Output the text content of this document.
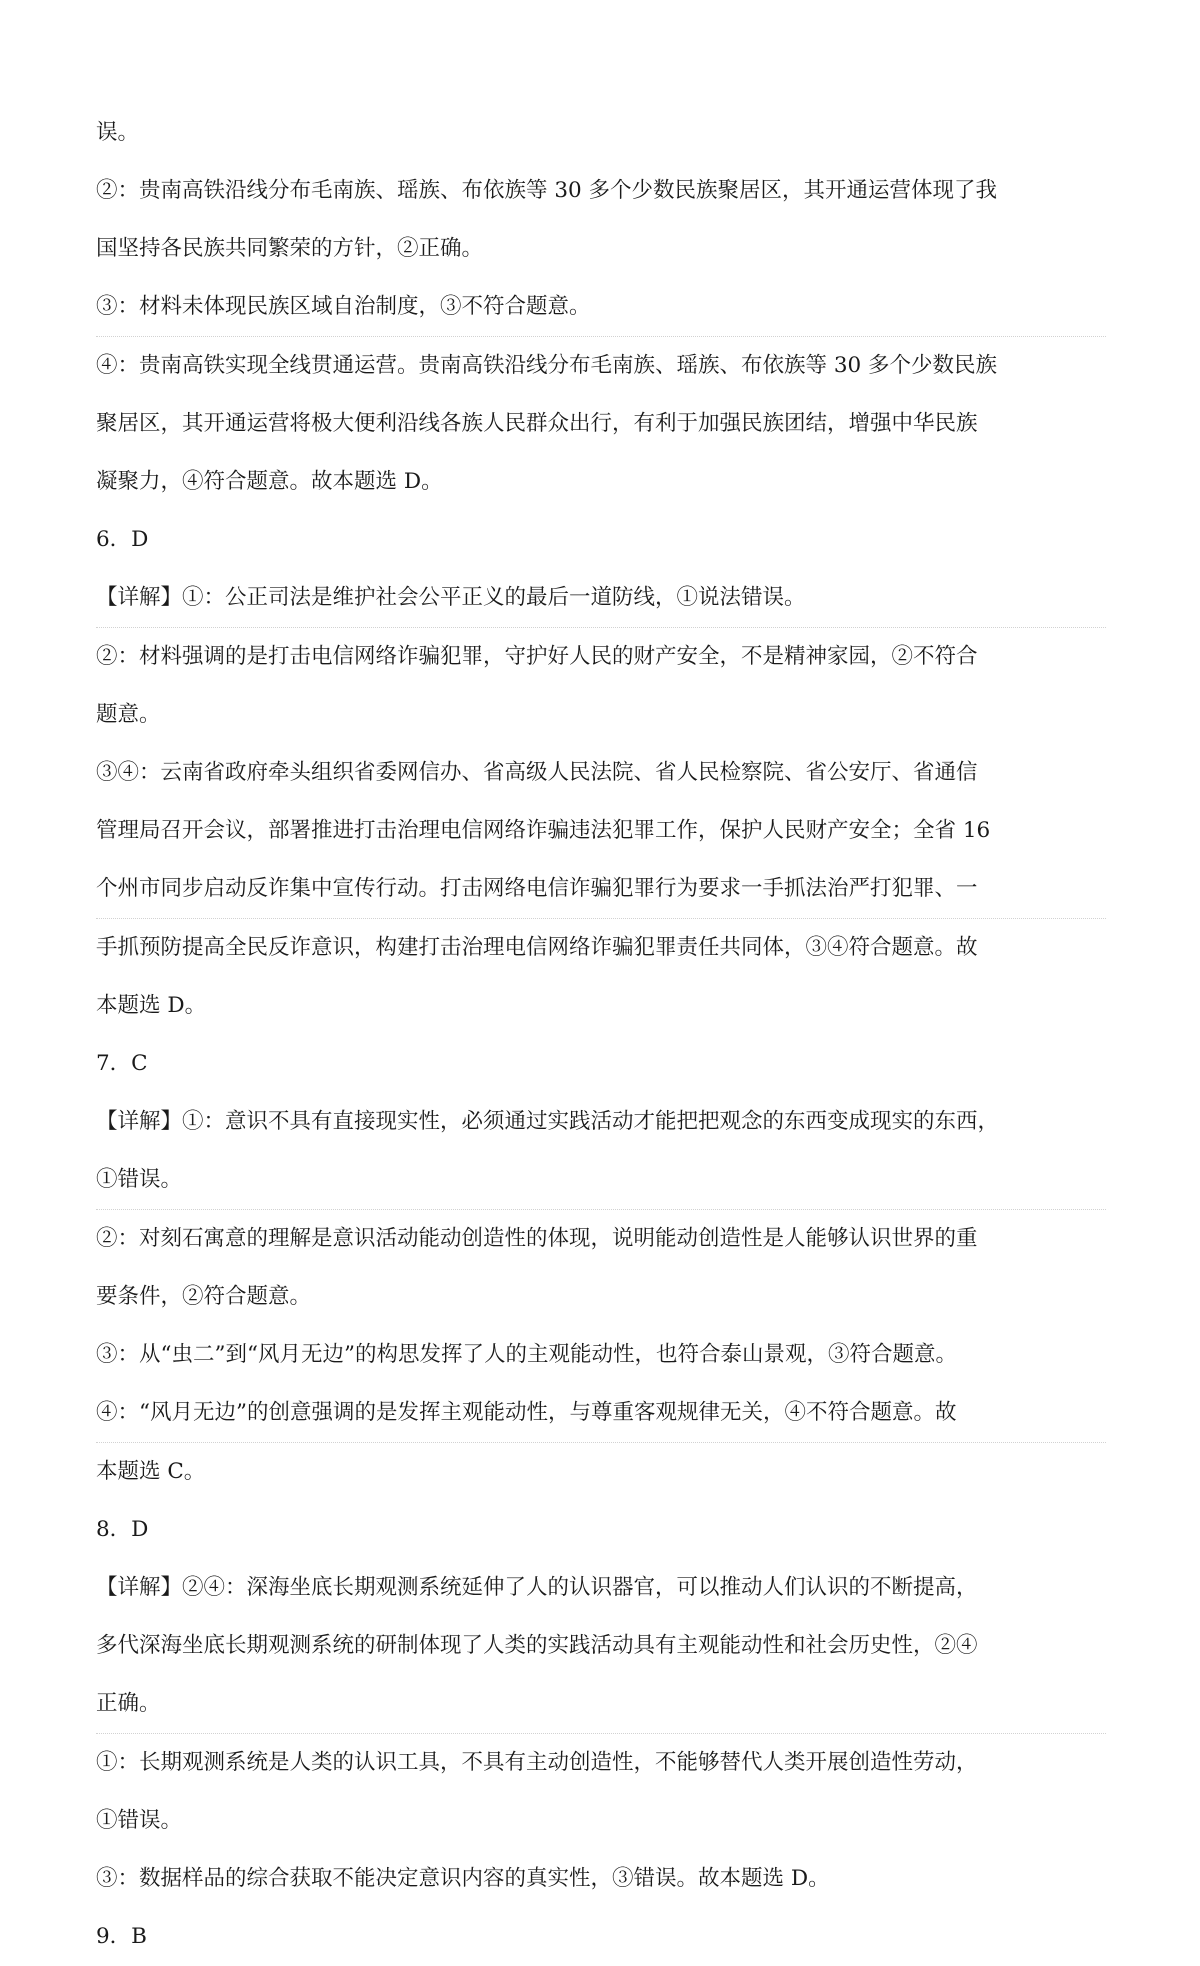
误。
②：贵南高铁沿线分布毛南族、瑶族、布依族等 30 多个少数民族聚居区，其开通运营体现了我
国坚持各民族共同繁荣的方针，②正确。
③：材料未体现民族区域自治制度，③不符合题意。
④：贵南高铁实现全线贯通运营。贵南高铁沿线分布毛南族、瑶族、布依族等 30 多个少数民族
聚居区，其开通运营将极大便利沿线各族人民群众出行，有利于加强民族团结，增强中华民族
凝聚力，④符合题意。故本题选 D。
6．D
【详解】①：公正司法是维护社会公平正义的最后一道防线，①说法错误。
②：材料强调的是打击电信网络诈骗犯罪，守护好人民的财产安全，不是精神家园，②不符合
题意。
③④：云南省政府牵头组织省委网信办、省高级人民法院、省人民检察院、省公安厅、省通信
管理局召开会议，部署推进打击治理电信网络诈骗违法犯罪工作，保护人民财产安全；全省 16
个州市同步启动反诈集中宣传行动。打击网络电信诈骗犯罪行为要求一手抓法治严打犯罪、一
手抓预防提高全民反诈意识，构建打击治理电信网络诈骗犯罪责任共同体，③④符合题意。故
本题选 D。
7．C
【详解】①：意识不具有直接现实性，必须通过实践活动才能把把观念的东西变成现实的东西，
①错误。
②：对刻石寓意的理解是意识活动能动创造性的体现，说明能动创造性是人能够认识世界的重
要条件，②符合题意。
③：从“虫二”到“风月无边”的构思发挥了人的主观能动性，也符合泰山景观，③符合题意。
④：“风月无边”的创意强调的是发挥主观能动性，与尊重客观规律无关，④不符合题意。故
本题选 C。
8．D
【详解】②④：深海坐底长期观测系统延伸了人的认识器官，可以推动人们认识的不断提高，
多代深海坐底长期观测系统的研制体现了人类的实践活动具有主观能动性和社会历史性，②④
正确。
①：长期观测系统是人类的认识工具，不具有主动创造性，不能够替代人类开展创造性劳动，
①错误。
③：数据样品的综合获取不能决定意识内容的真实性，③错误。故本题选 D。
9．B
